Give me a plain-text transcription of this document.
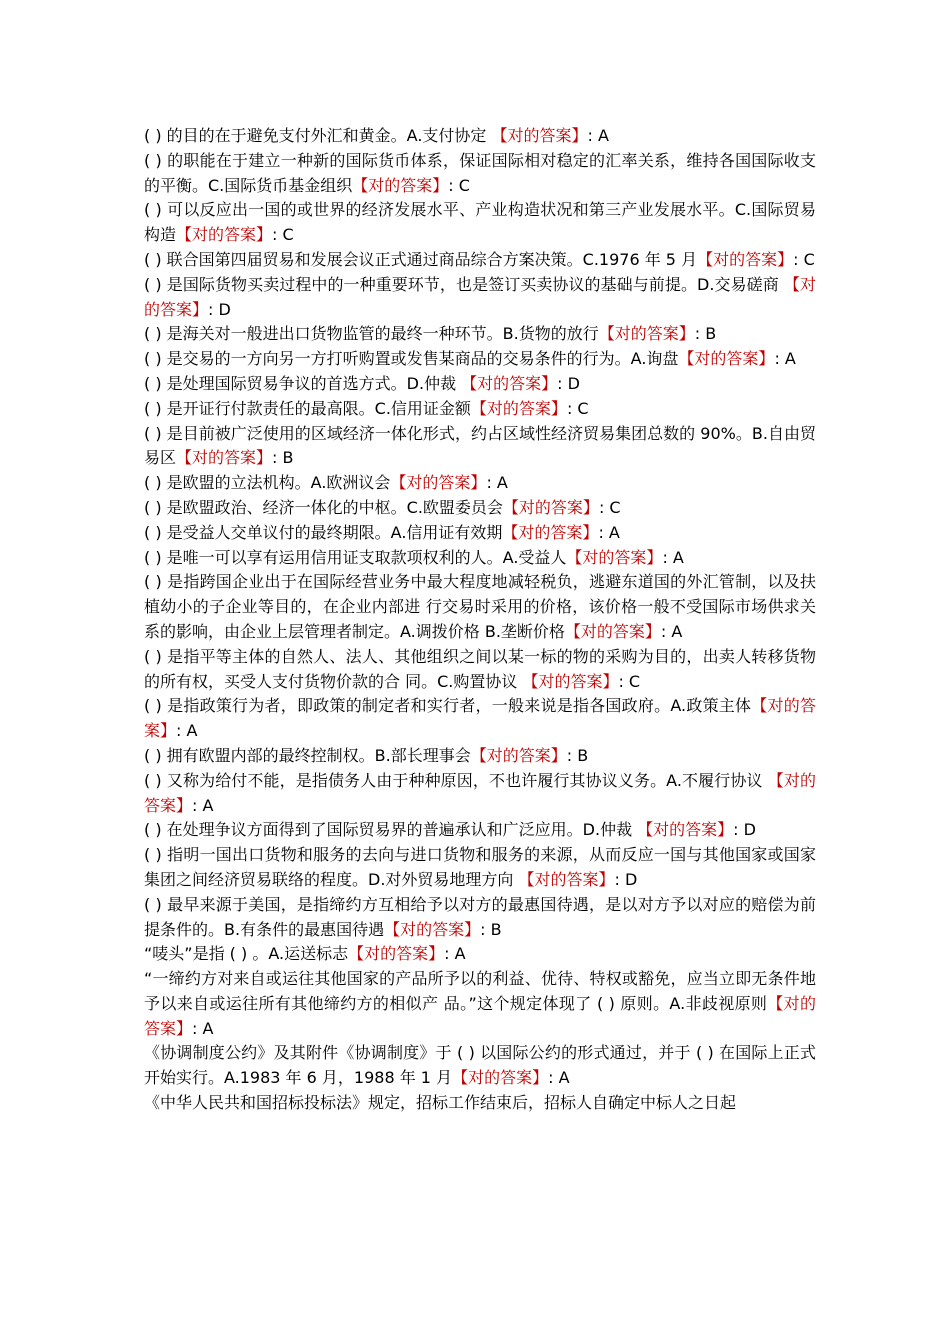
( ) 的目的在于避免支付外汇和黄金。A.支付协定 【对的答案】: A

( ) 的职能在于建立一种新的国际货币体系，保证国际相对稳定的汇率关系，维持各国国际收支的平衡。C.国际货币基金组织【对的答案】: C

( ) 可以反应出一国的或世界的经济发展水平、产业构造状况和第三产业发展水平。C.国际贸易构造【对的答案】: C

( ) 联合国第四届贸易和发展会议正式通过商品综合方案决策。C.1976 年 5 月【对的答案】: C

( ) 是国际货物买卖过程中的一种重要环节，也是签订买卖协议的基础与前提。D.交易磋商 【对的答案】: D

( ) 是海关对一般进出口货物监管的最终一种环节。B.货物的放行【对的答案】: B

( ) 是交易的一方向另一方打听购置或发售某商品的交易条件的行为。A.询盘【对的答案】: A

( ) 是处理国际贸易争议的首选方式。D.仲裁 【对的答案】: D

( ) 是开证行付款责任的最高限。C.信用证金额【对的答案】: C

( ) 是目前被广泛使用的区域经济一体化形式，约占区域性经济贸易集团总数的 90%。B.自由贸易区【对的答案】: B

( ) 是欧盟的立法机构。A.欧洲议会【对的答案】: A

( ) 是欧盟政治、经济一体化的中枢。C.欧盟委员会【对的答案】: C

( ) 是受益人交单议付的最终期限。A.信用证有效期【对的答案】: A

( ) 是唯一可以享有运用信用证支取款项权利的人。A.受益人【对的答案】: A

( ) 是指跨国企业出于在国际经营业务中最大程度地减轻税负，逃避东道国的外汇管制，以及扶植幼小的子企业等目的，在企业内部进 行交易时采用的价格，该价格一般不受国际市场供求关系的影响，由企业上层管理者制定。A.调拨价格 B.垄断价格【对的答案】: A

( ) 是指平等主体的自然人、法人、其他组织之间以某一标的物的采购为目的，出卖人转移货物的所有权，买受人支付货物价款的合 同。C.购置协议 【对的答案】: C

( ) 是指政策行为者，即政策的制定者和实行者，一般来说是指各国政府。A.政策主体【对的答案】: A

( ) 拥有欧盟内部的最终控制权。B.部长理事会【对的答案】: B

( ) 又称为给付不能，是指债务人由于种种原因，不也许履行其协议义务。A.不履行协议 【对的答案】: A

( ) 在处理争议方面得到了国际贸易界的普遍承认和广泛应用。D.仲裁 【对的答案】: D

( ) 指明一国出口货物和服务的去向与进口货物和服务的来源，从而反应一国与其他国家或国家集团之间经济贸易联络的程度。D.对外贸易地理方向 【对的答案】: D

( ) 最早来源于美国，是指缔约方互相给予以对方的最惠国待遇，是以对方予以对应的赔偿为前提条件的。B.有条件的最惠国待遇【对的答案】: B

“唛头”是指 ( ) 。A.运送标志【对的答案】: A

“一缔约方对来自或运往其他国家的产品所予以的利益、优待、特权或豁免，应当立即无条件地予以来自或运往所有其他缔约方的相似产 品。”这个规定体现了 ( ) 原则。A.非歧视原则【对的答案】: A

《协调制度公约》及其附件《协调制度》于 ( ) 以国际公约的形式通过，并于 ( ) 在国际上正式开始实行。A.1983 年 6 月，1988 年 1 月【对的答案】: A

《中华人民共和国招标投标法》规定，招标工作结束后，招标人自确定中标人之日起
